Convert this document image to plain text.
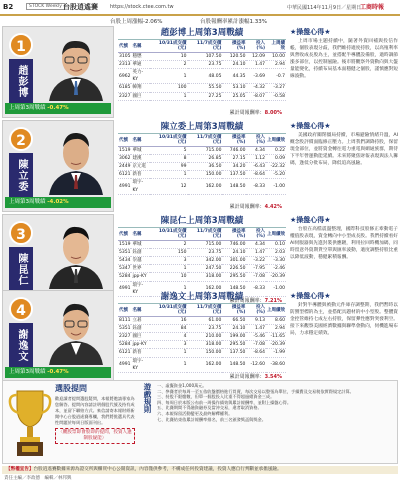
B2	STOCK Weekly 台股逍遙賽 https://stock.ctee.com.tw	中華民國114年11月9日／星期日
工商時報
台股上周漲幅-2.06%	台股報酬率累計漲幅1.33%
1
趙彭博
上周第3周戰績 -0.47%
趙彭博上周第3周戰績
代號	名稱	10/31成交價(元)	11/7成交價(元)	損益率(%)	投入(%)	上周績效
3105	穩懋	10	107.50	120.50	12.09	10.00
2313	華通	2	23.75	24.10	1.47	2.94
6962	英力-KY	1	48.05	44.35	-3.69	-0.7
6185	幃翔	100	55.50	53.10	-4.32	-3.27
2327	國巨	1	27.25	25.05	-8.07	-0.58
累計周報酬率：8.00%
★操盤心得★

上周市場主題持續中，隨著外資回補與投信作帳，個股表現分歧，我們維持適度持股，以高殖利率與營收成長股為主，並搭配半導體設備股，適時調節漲多部位，以控制風險。後市將觀察外資動向與大盤量能變化，持續布局基本面穩健之個股，謹慎應對短線波動。

2
陳立委
上周第3周戰績 -4.02%
陳立委上周第3周戰績
代號	名稱	10/31成交價(元)	11/7成交價(元)	損益率(%)	投入(%)	上周績效
1519	華城	5	715.00	746.00	4.34	0.22
3062	建漢	8	26.85	27.15	1.12	0.09
2449	京元電	99	36.50	34.20	-6.43	-22.32
6121	新普	1	150.00	137.50	-8.64	-5.20
4991	環宇-KY	12	162.00	148.50	-8.33	-1.00
累計周報酬率：4.42%
★操盤心得★

美國政府關閉僵局持續，市場避險情緒升溫，AI概念股評價面臨修正壓力。上周我們調降持股，保留現金部位，並將資金轉往電力重電與網通族群，期待下半年營運動能延續。未來將聚焦財報表現與法人籌碼，逢低分批布局，降低追高風險。

3
陳昆仁
陳昆仁上周第3周戰績
代號	名稱	10/31成交價(元)	11/7成交價(元)	損益率(%)	投入(%)	上周績效
1519	華城	2	715.00	746.00	4.34	0.10
5351	鈺創	150	23.75	24.10	1.47	2.03
5434	崇越	3	342.00	301.00	-3.22	-3.30
5347	世界	1	247.50	226.50	-7.95	-2.46
5284	jpp-KY	10	318.00	295.50	-7.08	-20.39
4991	環宇-KY	1	162.00	148.50	-8.33	-1.00
累計周報酬率：7.21%
★操盤心得★

台股在高檔震盪整理，國際科技股修正牽動電子權值股表現，資金轉向中小型成長股。我們持續看好AI伺服器與先進封裝供應鏈，利用拉回時機加碼，同時留意外資期貨空單與匯率波動，適度調整持股比重以降低波動，穩健累積報酬。

4
謝逸文
上周第3周戰績 -0.47%
謝逸文上周第3周戰績
代號	名稱	10/31成交價(元)	11/7成交價(元)	損益率(%)	投入(%)	上周績效
8111	立碁	16	61.00	66.50	9.13	8.60
5351	鈺創	84	23.75	24.10	1.47	2.94
2327	國巨	4	210.00	199.00	-5.46	-11.65
5284	jpp-KY	3	318.00	295.50	-7.08	-20.39
6121	新普	1	150.00	137.50	-8.64	-1.99
4991	環宇-KY	1	162.00	148.50	-12.60	-38.60
累計周報酬率：3.54%
★操盤心得★

針對半導體與被動元件庫存調整期，我們暫時以防禦型標的為主，並搭配具題材的中小型股。整體資金控管維持七成左右持股，保留彈性應對突發利空。接下來觀察美國經濟數據與聯準會動向，伺機進場布局，力求穩定績效。

選股提問

歡迎讀者提問選股疑問，本報將邀請專家為您解答。提問內容請註明個股代號及持有成本，並留下聯絡方式。來信請寄本報財經新聞中心台股逍遙賽專欄，我們將挑選具代表性問題於每周日版面刊出。

〈觀股票即會股即的提問，投資人逢制股疑能〉
遊戲規則 一、虛擬資金1,000萬元。
二、參賽者於每周一至五依收盤價格進行買賣，每次交易以整張為單位，手續費及交易稅依實際規定計算。
三、持股不限檔數，但單一個股投入比重不得超過總資金三成。
四、每周日於本版公布前一周操作績效與累計報酬率，並附上操盤心得。
五、比賽期間不得融資融券及當沖交易，違者取消資格。
六、本報保留活動變更及最終解釋權利。
七、比賽結束依累計報酬率排名，前三名頒發獎盃與獎金。
【幣權宣告】台股逍遙賽數據來源為證交所與櫃買中心公開資訊，內容僅供參考，不構成任何投資建議，投資人應自行判斷並承擔風險。
責任主編／李政德　編輯／林邦興
